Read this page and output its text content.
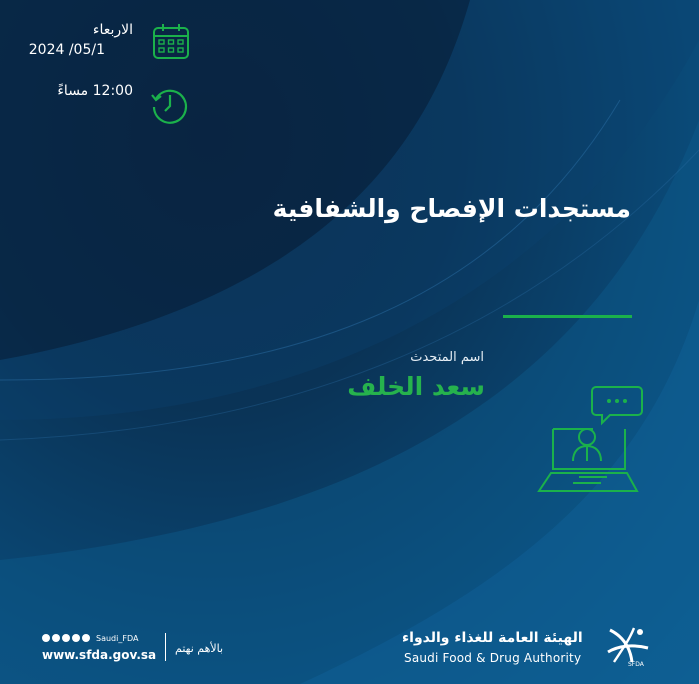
الاربعاء
2024 /05/1
12:00 مساءً
مستجدات الإفصاح والشفافية
اسم المتحدث
سعد الخلف
SFDA
الهيئة العامة للغذاء والدواء
Saudi Food & Drug Authority
بالأهم نهتم
Saudi_FDA
www.sfda.gov.sa
